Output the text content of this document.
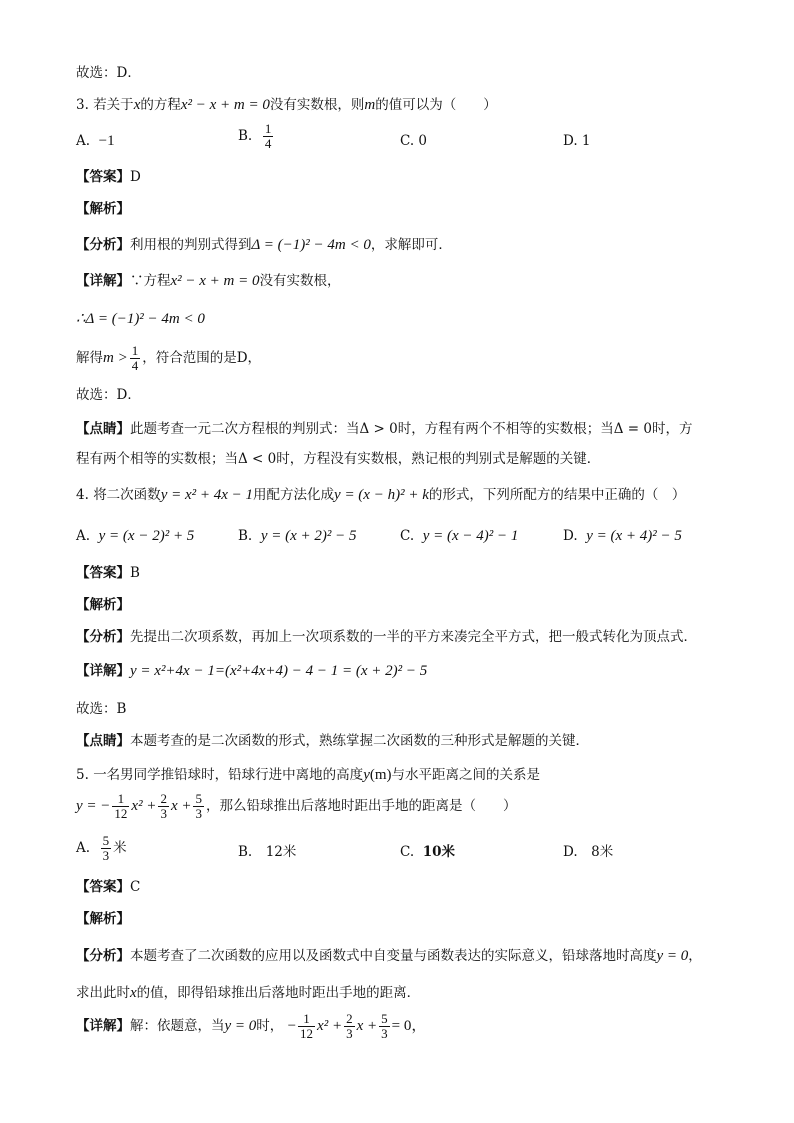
故选：D．
3. 若关于x的方程x² − x + m = 0没有实数根，则m的值可以为（　　）
A. −1	B. $\frac{1}{4}$	C. 0	D. 1
【答案】D
【解析】
【分析】利用根的判别式得到Δ = (−1)² − 4m < 0，求解即可．
【详解】∵方程x² − x + m = 0没有实数根，
∴Δ = (−1)² − 4m < 0
解得$m > \frac{1}{4}$ ，符合范围的是D，
故选：D．
【点睛】此题考查一元二次方程根的判别式：当Δ > 0时，方程有两个不相等的实数根；当Δ = 0时，方
程有两个相等的实数根；当Δ < 0时，方程没有实数根，熟记根的判别式是解题的关键．
4. 将二次函数y = x² + 4x − 1用配方法化成y = (x − h)² + k的形式，下列所配方的结果中正确的（　）
A. y = (x − 2)² + 5	B. y = (x + 2)² − 5	C. y = (x − 4)² − 1	D. y = (x + 4)² − 5
【答案】B
【解析】
【分析】先提出二次项系数，再加上一次项系数的一半的平方来凑完全平方式，把一般式转化为顶点式．
【详解】y = x²+4x − 1=(x²+4x+4) − 4 − 1 = (x + 2)² − 5
故选：B
【点睛】本题考查的是二次函数的形式，熟练掌握二次函数的三种形式是解题的关键．
5. 一名男同学推铅球时，铅球行进中离地的高度y(m)与水平距离之间的关系是
y = − $\frac{1}{12} x^2 + \frac{2}{3}$ $x + \frac{5}{3}$ ，那么铅球推出后落地时距出手地的距离是（　　）
A. $\frac{5}{3}$ 米	B.　12米	C. 10米	D.　8米
【答案】C
【解析】
【分析】本题考查了二次函数的应用以及函数式中自变量与函数表达的实际意义，铅球落地时高度y = 0，
求出此时x的值，即得铅球推出后落地时距出手地的距离．
【详解】解：依题意，当y = 0时， − $\frac{1}{12} x^2 + \frac{2}{3}$ $x + \frac{5}{3} = 0$，
